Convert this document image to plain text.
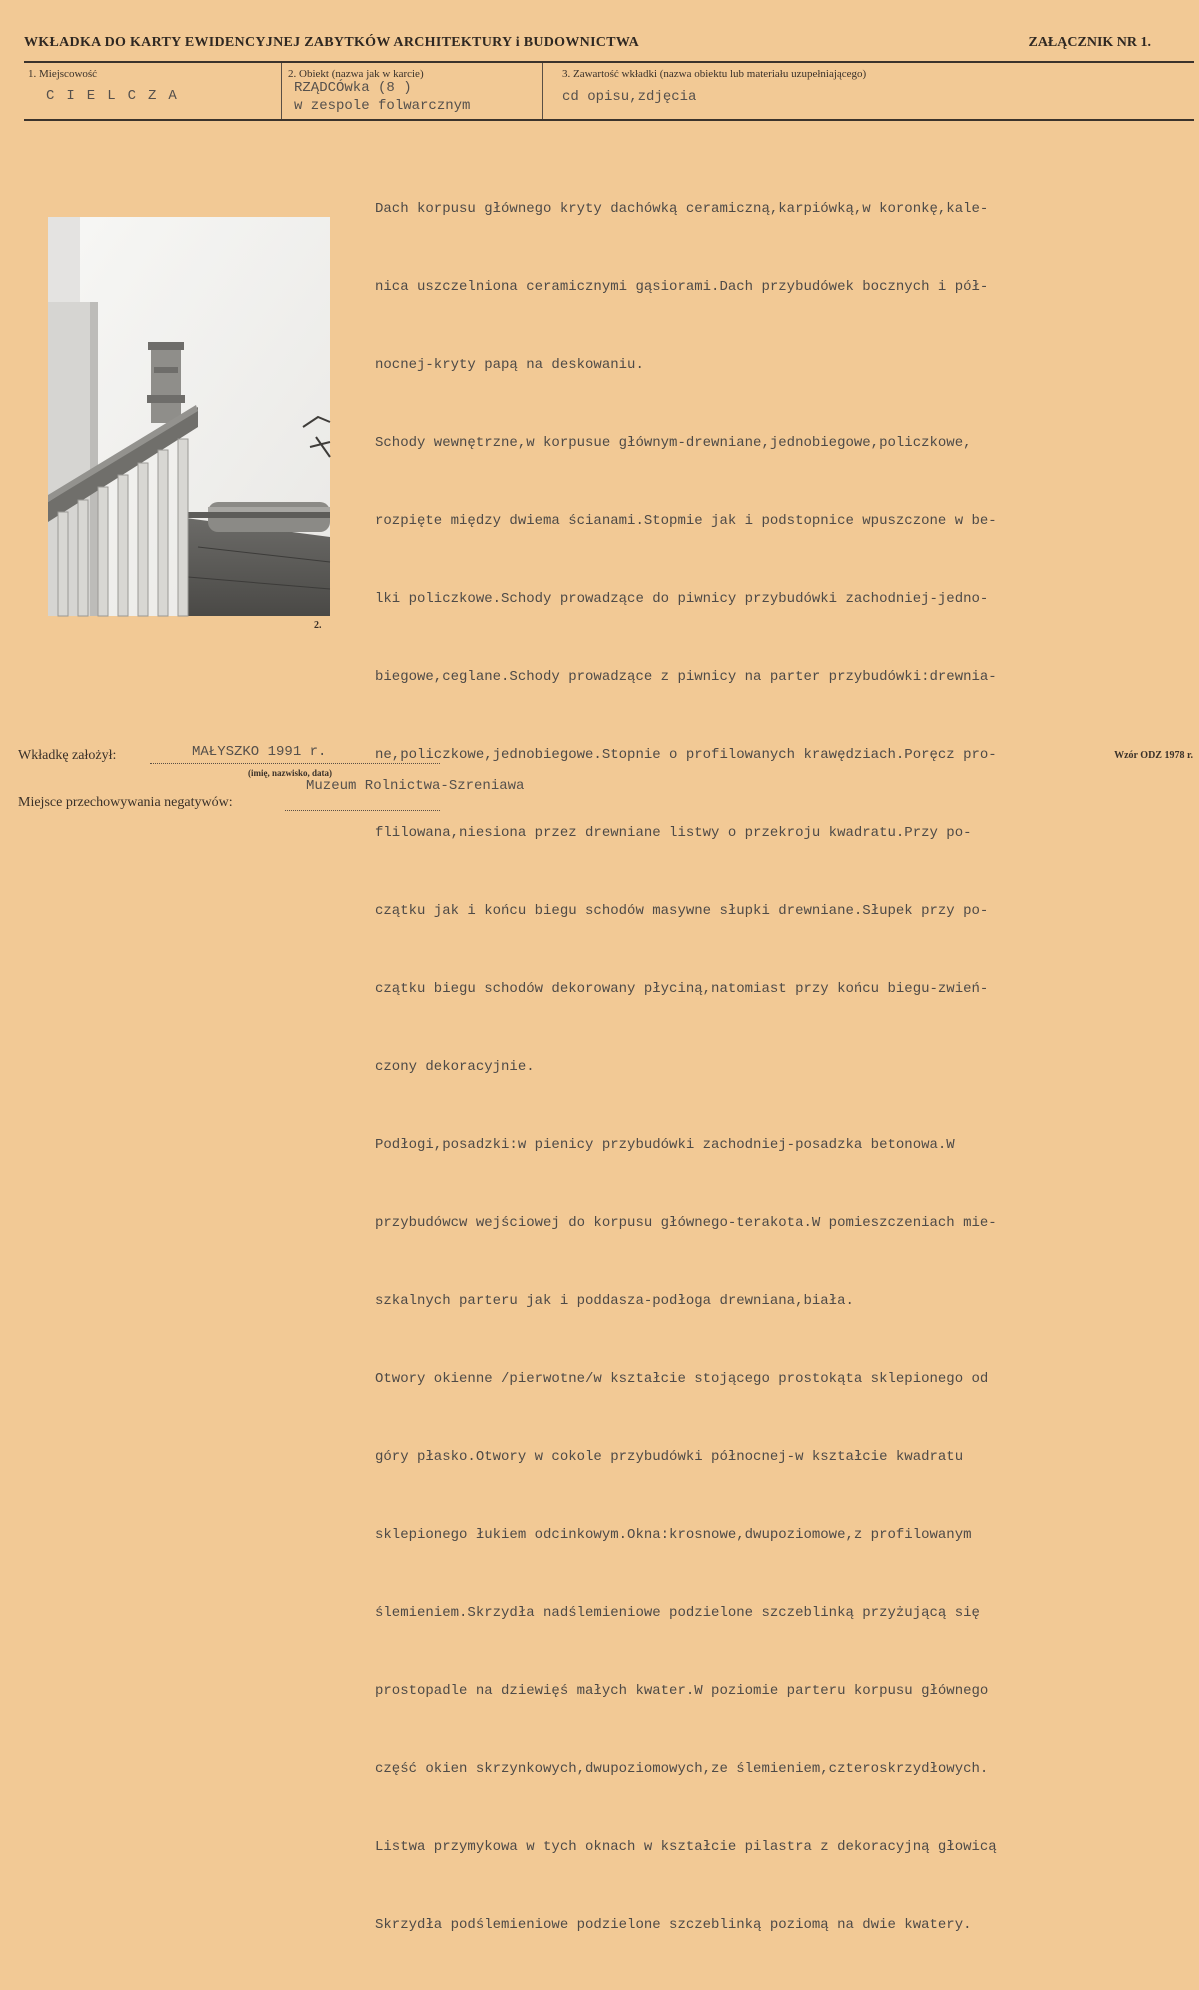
WKŁADKA DO KARTY EWIDENCYJNEJ ZABYTKÓW ARCHITEKTURY i BUDOWNICTWA	ZAŁĄCZNIK NR 1.
1. Miejscowość
CIELCZA
2. Obiekt (nazwa jak w karcie)
RZĄDCÓwka (8 )
w zespole folwarcznym
3. Zawartość wkładki (nazwa obiektu lub materiału uzupełniającego)
cd opisu,zdjęcia
2.

Dach korpusu głównego kryty dachówką ceramiczną,karpiówką,w koronkę,kale-

nica uszczelniona ceramicznymi gąsiorami.Dach przybudówek bocznych i pół-

nocnej-kryty papą na deskowaniu.

Schody wewnętrzne,w korpusue głównym-drewniane,jednobiegowe,policzkowe,

rozpięte między dwiema ścianami.Stopmie jak i podstopnice wpuszczone w be-

lki policzkowe.Schody prowadzące do piwnicy przybudówki zachodniej-jedno-

biegowe,ceglane.Schody prowadzące z piwnicy na parter przybudówki:drewnia-

ne,policzkowe,jednobiegowe.Stopnie o profilowanych krawędziach.Poręcz pro-

flilowana,niesiona przez drewniane listwy o przekroju kwadratu.Przy po-

czątku jak i końcu biegu schodów masywne słupki drewniane.Słupek przy po-

czątku biegu schodów dekorowany płyciną,natomiast przy końcu biegu-zwień-

czony dekoracyjnie.

Podłogi,posadzki:w pienicy przybudówki zachodniej-posadzka betonowa.W

przybudówcw wejściowej do korpusu głównego-terakota.W pomieszczeniach mie-

szkalnych parteru jak i poddasza-podłoga drewniana,biała.

Otwory okienne /pierwotne/w kształcie stojącego prostokąta sklepionego od

góry płasko.Otwory w cokole przybudówki północnej-w kształcie kwadratu

sklepionego łukiem odcinkowym.Okna:krosnowe,dwupoziomowe,z profilowanym

ślemieniem.Skrzydła nadślemieniowe podzielone szczeblinką przyżującą się

prostopadle na dziewięś małych kwater.W poziomie parteru korpusu głównego

część okien skrzynkowych,dwupoziomowych,ze ślemieniem,czteroskrzydłowych.

Listwa przymykowa w tych oknach w kształcie pilastra z dekoracyjną głowicą

Skrzydła podślemieniowe podzielone szczeblinką poziomą na dwie kwatery.

Wkładkę założył:	MAŁYSZKO 1991 r.
(imię, nazwisko, data)
Wzór ODZ 1978 r.
Miejsce przechowywania negatywów:
Muzeum Rolnictwa-Szreniawa
